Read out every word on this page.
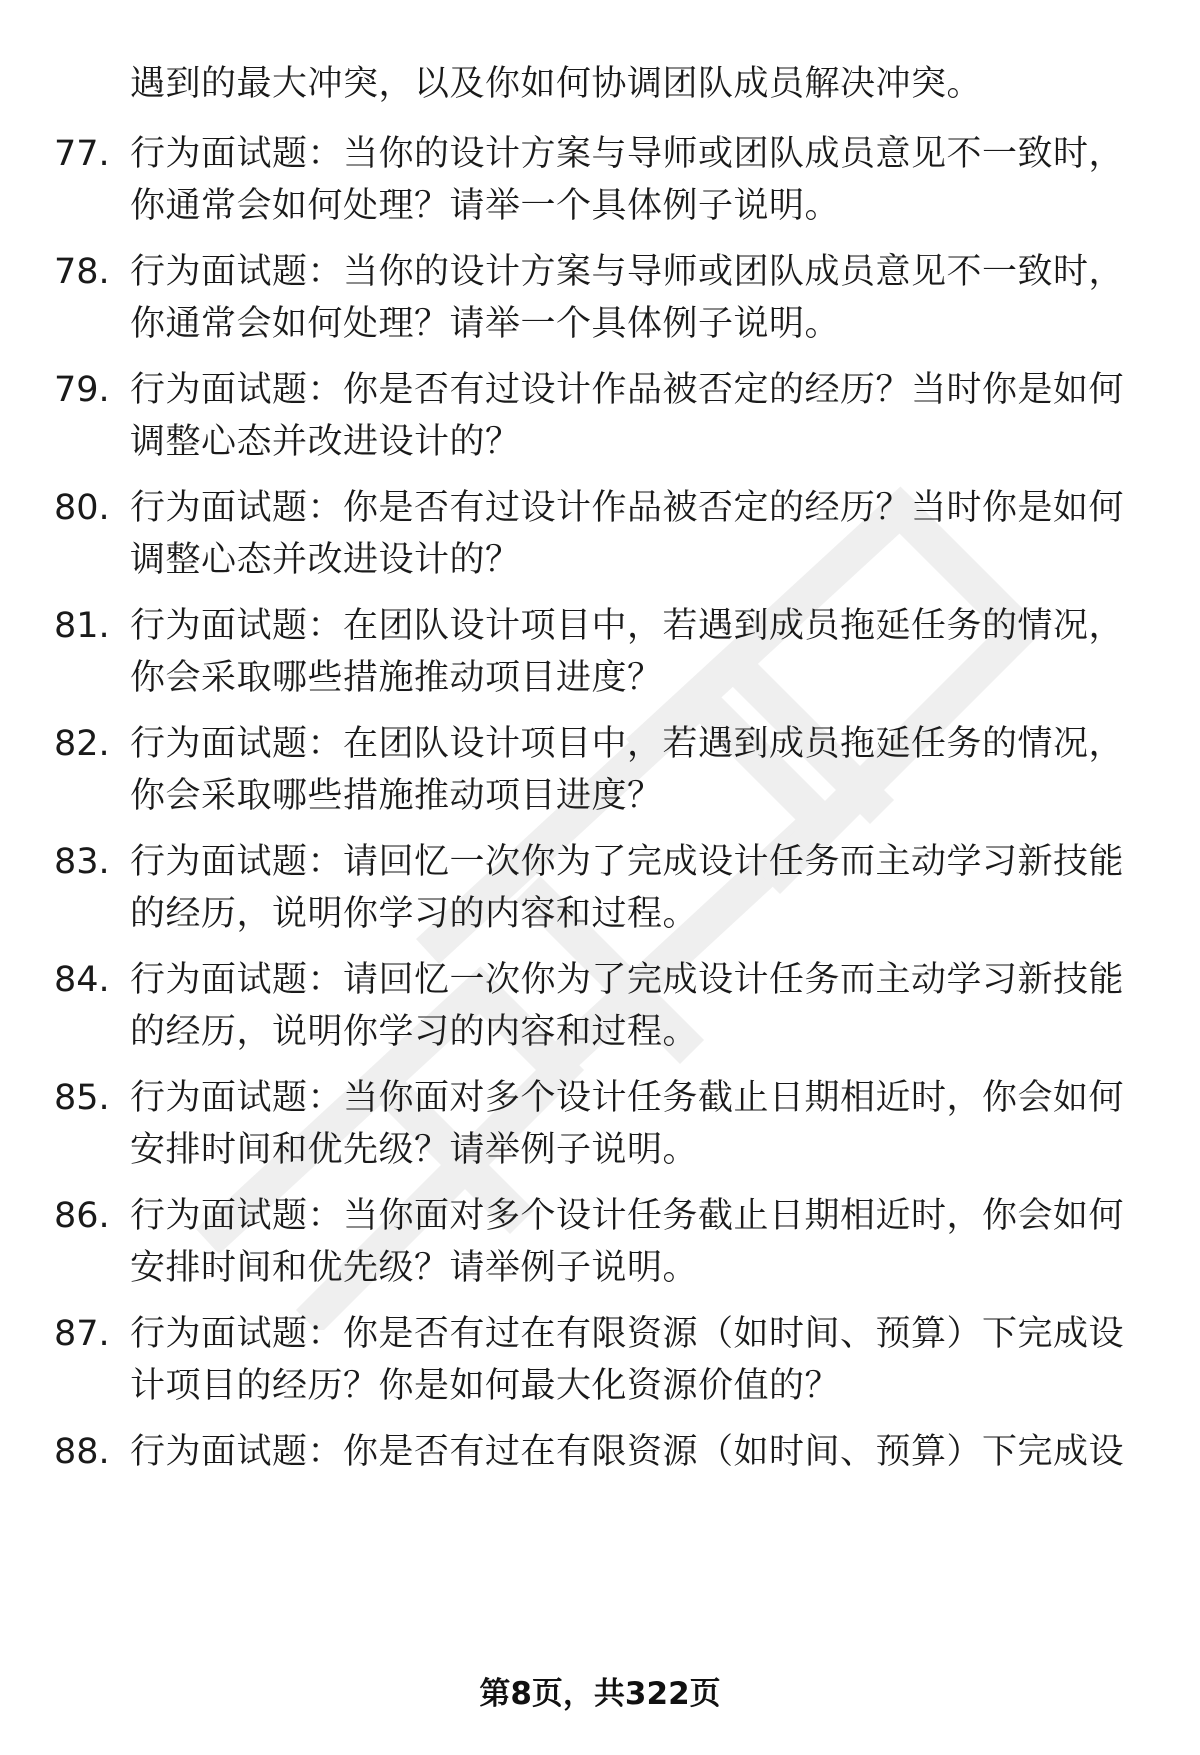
遇到的最大冲突，以及你如何协调团队成员解决冲突。
77. 行为面试题：当你的设计方案与导师或团队成员意见不一致时，
你通常会如何处理？请举一个具体例子说明。
78. 行为面试题：当你的设计方案与导师或团队成员意见不一致时，
你通常会如何处理？请举一个具体例子说明。
79. 行为面试题：你是否有过设计作品被否定的经历？当时你是如何
调整心态并改进设计的？
80. 行为面试题：你是否有过设计作品被否定的经历？当时你是如何
调整心态并改进设计的？
81. 行为面试题：在团队设计项目中，若遇到成员拖延任务的情况，
你会采取哪些措施推动项目进度？
82. 行为面试题：在团队设计项目中，若遇到成员拖延任务的情况，
你会采取哪些措施推动项目进度？
83. 行为面试题：请回忆一次你为了完成设计任务而主动学习新技能
的经历，说明你学习的内容和过程。
84. 行为面试题：请回忆一次你为了完成设计任务而主动学习新技能
的经历，说明你学习的内容和过程。
85. 行为面试题：当你面对多个设计任务截止日期相近时，你会如何
安排时间和优先级？请举例子说明。
86. 行为面试题：当你面对多个设计任务截止日期相近时，你会如何
安排时间和优先级？请举例子说明。
87. 行为面试题：你是否有过在有限资源（如时间、预算）下完成设
计项目的经历？你是如何最大化资源价值的？
88. 行为面试题：你是否有过在有限资源（如时间、预算）下完成设
第8页，共322页
